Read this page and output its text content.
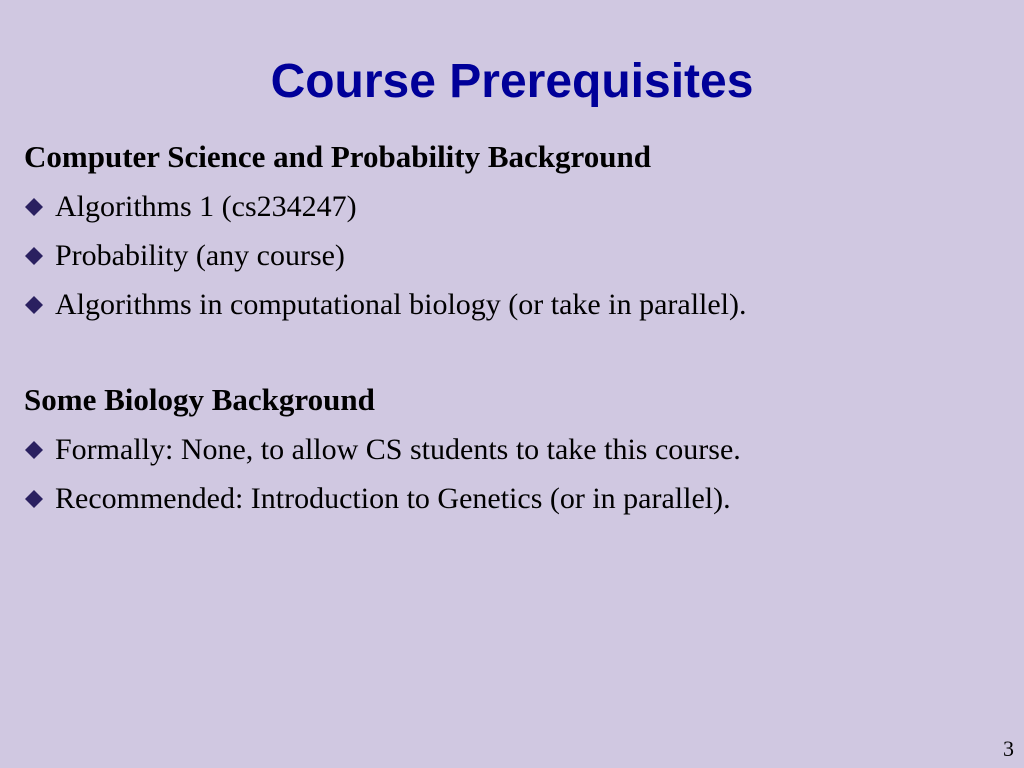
Course Prerequisites
Computer Science and Probability Background
Algorithms 1 (cs234247)
Probability (any course)
Algorithms in computational biology (or take in parallel).
Some Biology Background
Formally: None, to allow CS students to take this course.
Recommended: Introduction to Genetics (or in parallel).
3
